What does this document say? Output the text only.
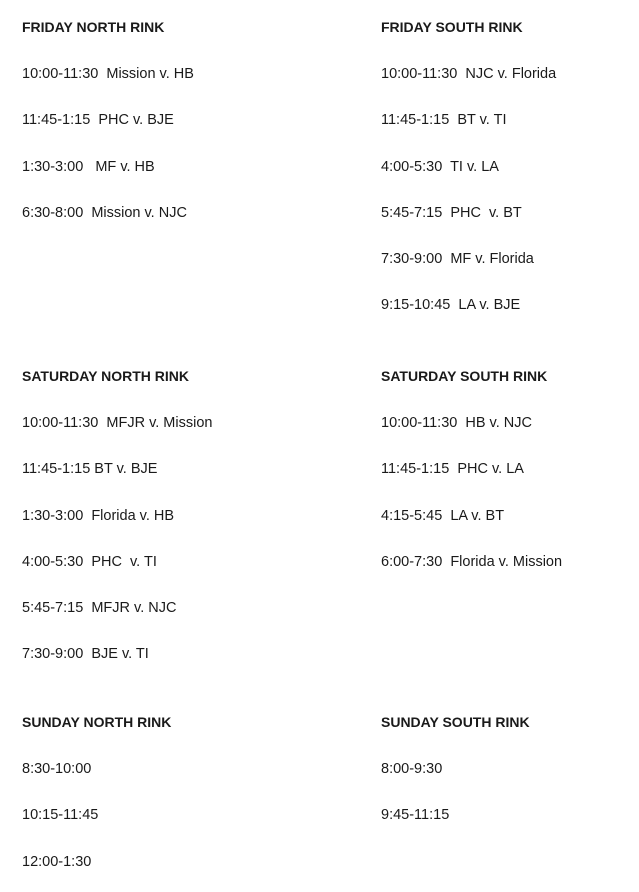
FRIDAY NORTH RINK
10:00-11:30  Mission v. HB
11:45-1:15  PHC v. BJE
1:30-3:00   MF v. HB
6:30-8:00  Mission v. NJC
FRIDAY SOUTH RINK
10:00-11:30  NJC v. Florida
11:45-1:15  BT v. TI
4:00-5:30  TI v. LA
5:45-7:15  PHC  v. BT
7:30-9:00  MF v. Florida
9:15-10:45  LA v. BJE
SATURDAY NORTH RINK
10:00-11:30  MFJR v. Mission
11:45-1:15 BT v. BJE
1:30-3:00  Florida v. HB
4:00-5:30  PHC  v. TI
5:45-7:15  MFJR v. NJC
7:30-9:00  BJE v. TI
SATURDAY SOUTH RINK
10:00-11:30  HB v. NJC
11:45-1:15  PHC v. LA
4:15-5:45  LA v. BT
6:00-7:30  Florida v. Mission
SUNDAY NORTH RINK
8:30-10:00
10:15-11:45
12:00-1:30
SUNDAY SOUTH RINK
8:00-9:30
9:45-11:15
